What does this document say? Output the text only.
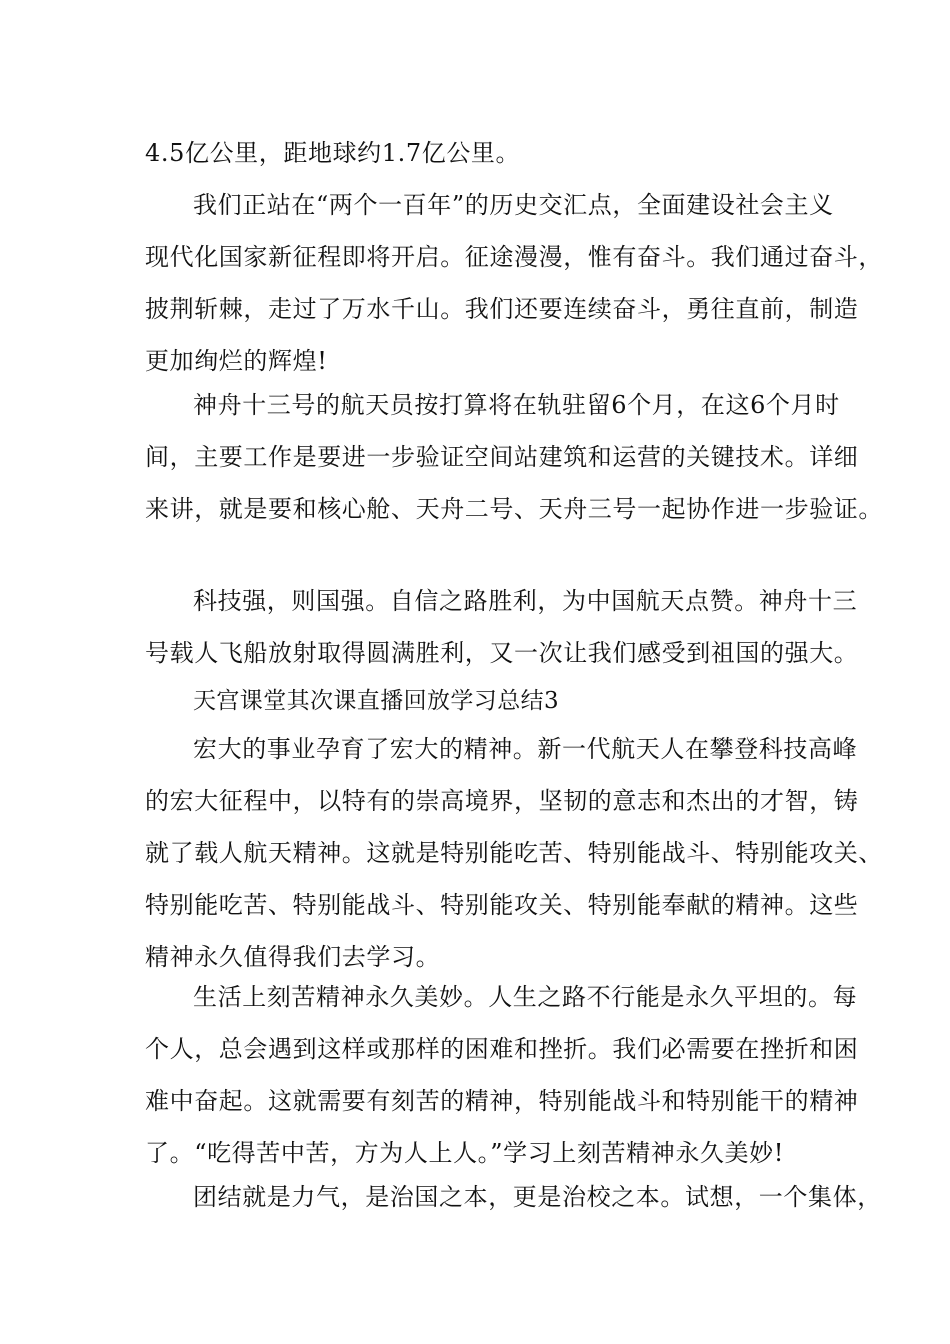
4.5亿公里，距地球约1.7亿公里。
我们正站在“两个一百年”的历史交汇点，全面建设社会主义
现代化国家新征程即将开启。征途漫漫，惟有奋斗。我们通过奋斗，
披荆斩棘，走过了万水千山。我们还要连续奋斗，勇往直前，制造
更加绚烂的辉煌!
神舟十三号的航天员按打算将在轨驻留6个月，在这6个月时
间，主要工作是要进一步验证空间站建筑和运营的关键技术。详细
来讲，就是要和核心舱、天舟二号、天舟三号一起协作进一步验证。
科技强，则国强。自信之路胜利，为中国航天点赞。神舟十三
号载人飞船放射取得圆满胜利，又一次让我们感受到祖国的强大。
天宫课堂其次课直播回放学习总结3
宏大的事业孕育了宏大的精神。新一代航天人在攀登科技高峰
的宏大征程中，以特有的崇高境界，坚韧的意志和杰出的才智，铸
就了载人航天精神。这就是特别能吃苦、特别能战斗、特别能攻关、
特别能吃苦、特别能战斗、特别能攻关、特别能奉献的精神。这些
精神永久值得我们去学习。
生活上刻苦精神永久美妙。人生之路不行能是永久平坦的。每
个人，总会遇到这样或那样的困难和挫折。我们必需要在挫折和困
难中奋起。这就需要有刻苦的精神，特别能战斗和特别能干的精神
了。“吃得苦中苦，方为人上人。”学习上刻苦精神永久美妙!
团结就是力气，是治国之本，更是治校之本。试想，一个集体，
